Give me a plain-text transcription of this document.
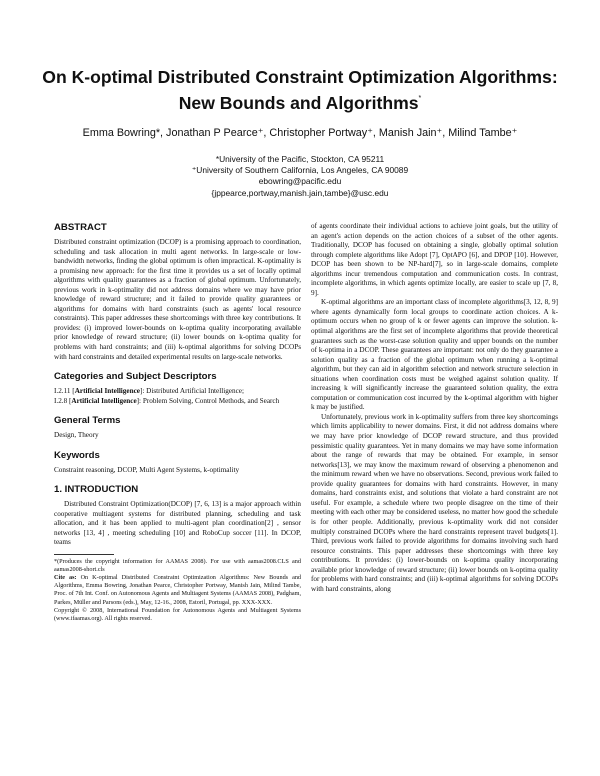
On K-optimal Distributed Constraint Optimization Algorithms: New Bounds and Algorithms*
Emma Bowring*, Jonathan P Pearce⁺, Christopher Portway⁺, Manish Jain⁺, Milind Tambe⁺
*University of the Pacific, Stockton, CA 95211
⁺University of Southern California, Los Angeles, CA 90089
ebowring@pacific.edu
{jppearce,portway,manish.jain,tambe}@usc.edu
ABSTRACT

Distributed constraint optimization (DCOP) is a promising approach to coordination, scheduling and task allocation in multi agent networks. In large-scale or low-bandwidth networks, finding the global optimum is often impractical. K-optimality is a promising new approach: for the first time it provides us a set of locally optimal algorithms with quality guarantees as a fraction of global optimum. Unfortunately, previous work in k-optimality did not address domains where we may have prior knowledge of reward structure; and it failed to provide quality guarantees or algorithms for domains with hard constraints (such as agents' local resource constraints). This paper addresses these shortcomings with three key contributions. It provides: (i) improved lower-bounds on k-optima quality incorporating available prior knowledge of reward structure; (ii) lower bounds on k-optima quality for problems with hard constraints; and (iii) k-optimal algorithms for solving DCOPs with hard constraints and detailed experimental results on large-scale networks.

Categories and Subject Descriptors

I.2.11 [Artificial Intelligence]: Distributed Artificial Intelligence;

I.2.8 [Artificial Intelligence]: Problem Solving, Control Methods, and Search

General Terms

Design, Theory

Keywords

Constraint reasoning, DCOP, Multi Agent Systems, k-optimality

1. INTRODUCTION

Distributed Constraint Optimization(DCOP) [7, 6, 13] is a major approach within cooperative multiagent systems for distributed planning, scheduling and task allocation, and it has been applied to multi-agent plan coordination[2] , sensor networks [13, 4] , meeting scheduling [10] and RoboCup soccer [11]. In DCOP, teams

*(Produces the copyright information for AAMAS 2008). For use with aamas2008.CLS and aamas2008-short.cls

Cite as: On K-optimal Distributed Constraint Optimization Algorithms: New Bounds and Algorithms, Emma Bowring, Jonathan Pearce, Christopher Portway, Manish Jain, Milind Tambe, Proc. of 7th Int. Conf. on Autonomous Agents and Multiagent Systems (AAMAS 2008), Padgham, Parkes, Müller and Parsons (eds.), May, 12-16., 2008, Estoril, Portugal, pp. XXX-XXX.

Copyright © 2008, International Foundation for Autonomous Agents and Multiagent Systems (www.ifaamas.org). All rights reserved.

of agents coordinate their individual actions to achieve joint goals, but the utility of an agent's action depends on the action choices of a subset of the other agents. Traditionally, DCOP has focused on obtaining a single, globally optimal solution through complete algorithms like Adopt [7], OptAPO [6], and DPOP [10]. However, DCOP has been shown to be NP-hard[7], so in large-scale domains, complete algorithms incur tremendous computation and communication costs. In contrast, incomplete algorithms, in which agents optimize locally, are easier to scale up [7, 8, 9].

K-optimal algorithms are an important class of incomplete algorithms[3, 12, 8, 9] where agents dynamically form local groups to coordinate action choices. A k-optimum occurs when no group of k or fewer agents can improve the solution. k-optimal algorithms are the first set of incomplete algorithms that provide theoretical guarantees such as the worst-case solution quality and upper bounds on the number of k-optima in a DCOP. These guarantees are important: not only do they guarantee a solution quality as a fraction of the global optimum when running a k-optimal algorithm, but they can aid in algorithm selection and network structure selection in situations when coordination costs must be weighed against solution quality. If increasing k will significantly increase the guaranteed solution quality, the extra computation or communication cost incurred by the k-optimal algorithm with higher k may be justified.

Unfortunately, previous work in k-optimality suffers from three key shortcomings which limits applicability to newer domains. First, it did not address domains where we may have prior knowledge of DCOP reward structure, and thus provided pessimistic quality guarantees. Yet in many domains we may have some information about the range of rewards that may be obtained. For example, in sensor networks[13], we may know the maximum reward of observing a phenomenon and the minimum reward when we have no observations. Second, previous work failed to provide quality guarantees for domains with hard constraints. However, in many domains, hard constraints exist, and solutions that violate a hard constraint are not useful. For example, a schedule where two people disagree on the time of their meeting with each other may be considered useless, no matter how good the schedule is for other people. Additionally, previous k-optimality work did not consider multiply constrained DCOPs where the hard constraints represent travel budgets[1]. Third, previous work failed to provide algorithms for domains involving such hard resource constraints. This paper addresses these shortcomings with three key contributions. It provides: (i) lower-bounds on k-optima quality incorporating available prior knowledge of reward structure; (ii) lower bounds on k-optima quality for problems with hard constraints; and (iii) k-optimal algorithms for solving DCOPs with hard constraints, along
